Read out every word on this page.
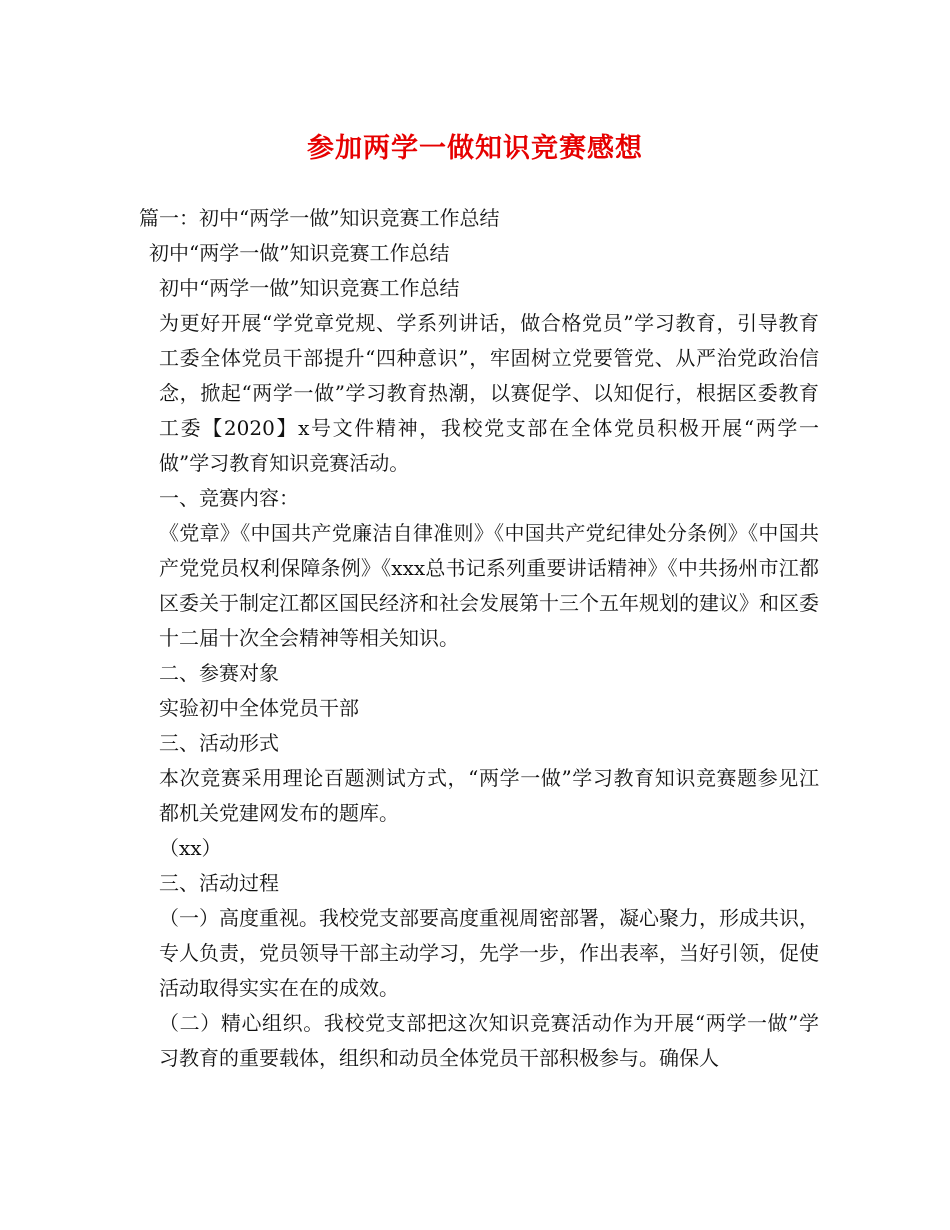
参加两学一做知识竞赛感想

篇一：初中“两学一做”知识竞赛工作总结

初中“两学一做”知识竞赛工作总结

初中“两学一做”知识竞赛工作总结

为更好开展“学党章党规、学系列讲话，做合格党员”学习教育，引导教育工委全体党员干部提升“四种意识”，牢固树立党要管党、从严治党政治信念，掀起“两学一做”学习教育热潮，以赛促学、以知促行，根据区委教育工委【2020】x号文件精神，我校党支部在全体党员积极开展“两学一做”学习教育知识竞赛活动。

一、竞赛内容：

《党章》《中国共产党廉洁自律准则》《中国共产党纪律处分条例》《中国共产党党员权利保障条例》《xxx总书记系列重要讲话精神》《中共扬州市江都区委关于制定江都区国民经济和社会发展第十三个五年规划的建议》和区委十二届十次全会精神等相关知识。

二、参赛对象

实验初中全体党员干部

三、活动形式

本次竞赛采用理论百题测试方式，“两学一做”学习教育知识竞赛题参见江都机关党建网发布的题库。

（xx）

三、活动过程

（一）高度重视。我校党支部要高度重视周密部署，凝心聚力，形成共识，专人负责，党员领导干部主动学习，先学一步，作出表率，当好引领，促使活动取得实实在在的成效。

（二）精心组织。我校党支部把这次知识竞赛活动作为开展“两学一做”学习教育的重要载体，组织和动员全体党员干部积极参与。确保人
